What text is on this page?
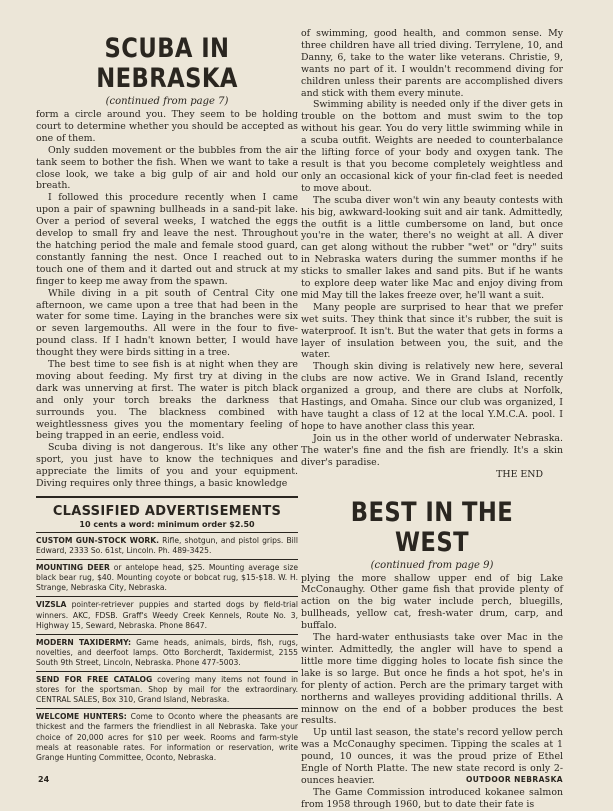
SCUBA IN NEBRASKA
(continued from page 7)

form a circle around you. They seem to be holding court to determine whether you should be accepted as one of them.

Only sudden movement or the bubbles from the air tank seem to bother the fish. When we want to take a close look, we take a big gulp of air and hold our breath.

I followed this procedure recently when I came upon a pair of spawning bullheads in a sand-pit lake. Over a period of several weeks, I watched the eggs develop to small fry and leave the nest. Throughout the hatching period the male and female stood guard, constantly fanning the nest. Once I reached out to touch one of them and it darted out and struck at my finger to keep me away from the spawn.

While diving in a pit south of Central City one afternoon, we came upon a tree that had been in the water for some time. Laying in the branches were six or seven largemouths. All were in the four to five-pound class. If I hadn't known better, I would have thought they were birds sitting in a tree.

The best time to see fish is at night when they are moving about feeding. My first try at diving in the dark was unnerving at first. The water is pitch black and only your torch breaks the darkness that surrounds you. The blackness combined with weightlessness gives you the momentary feeling of being trapped in an eerie, endless void.

Scuba diving is not dangerous. It's like any other sport, you just have to know the techniques and appreciate the limits of you and your equipment. Diving requires only three things, a basic knowledge

CLASSIFIED ADVERTISEMENTS
10 cents a word: minimum order $2.50

CUSTOM GUN-STOCK WORK. Rifle, shotgun, and pistol grips. Bill Edward, 2333 So. 61st, Lincoln. Ph. 489-3425.

MOUNTING DEER or antelope head, $25. Mounting average size black bear rug, $40. Mounting coyote or bobcat rug, $15-$18. W. H. Strange, Nebraska City, Nebraska.

VIZSLA pointer-retriever puppies and started dogs by field-trial winners. AKC, FDSB. Graff's Weedy Creek Kennels, Route No. 3, Highway 15, Seward, Nebraska. Phone 8647.

MODERN TAXIDERMY: Game heads, animals, birds, fish, rugs, novelties, and deerfoot lamps. Otto Borcherdt, Taxidermist, 2155 South 9th Street, Lincoln, Nebraska. Phone 477-5003.

SEND FOR FREE CATALOG covering many items not found in stores for the sportsman. Shop by mail for the extraordinary. CENTRAL SALES, Box 310, Grand Island, Nebraska.

WELCOME HUNTERS: Come to Oconto where the pheasants are thickest and the farmers the friendliest in all Nebraska. Take your choice of 20,000 acres for $10 per week. Rooms and farm-style meals at reasonable rates. For information or reservation, write Grange Hunting Committee, Oconto, Nebraska.

of swimming, good health, and common sense. My three children have all tried diving. Terrylene, 10, and Danny, 6, take to the water like veterans. Christie, 9, wants no part of it. I wouldn't recommend diving for children unless their parents are accomplished divers and stick with them every minute.

Swimming ability is needed only if the diver gets in trouble on the bottom and must swim to the top without his gear. You do very little swimming while in a scuba outfit. Weights are needed to counterbalance the lifting force of your body and oxygen tank. The result is that you become completely weightless and only an occasional kick of your fin-clad feet is needed to move about.

The scuba diver won't win any beauty contests with his big, awkward-looking suit and air tank. Admittedly, the outfit is a little cumbersome on land, but once you're in the water, there's no weight at all. A diver can get along without the rubber "wet" or "dry" suits in Nebraska waters during the summer months if he sticks to smaller lakes and sand pits. But if he wants to explore deep water like Mac and enjoy diving from mid May till the lakes freeze over, he'll want a suit.

Many people are surprised to hear that we prefer wet suits. They think that since it's rubber, the suit is waterproof. It isn't. But the water that gets in forms a layer of insulation between you, the suit, and the water.

Though skin diving is relatively new here, several clubs are now active. We in Grand Island, recently organized a group, and there are clubs at Norfolk, Hastings, and Omaha. Since our club was organized, I have taught a class of 12 at the local Y.M.C.A. pool. I hope to have another class this year.

Join us in the other world of underwater Nebraska. The water's fine and the fish are friendly. It's a skin diver's paradise.

THE END
BEST IN THE WEST
(continued from page 9)

plying the more shallow upper end of big Lake McConaughy. Other game fish that provide plenty of action on the big water include perch, bluegills, bullheads, yellow cat, fresh-water drum, carp, and buffalo.

The hard-water enthusiasts take over Mac in the winter. Admittedly, the angler will have to spend a little more time digging holes to locate fish since the lake is so large. But once he finds a hot spot, he's in for plenty of action. Perch are the primary target with northerns and walleyes providing additional thrills. A minnow on the end of a bobber produces the best results.

Up until last season, the state's record yellow perch was a McConaughy specimen. Tipping the scales at 1 pound, 10 ounces, it was the proud prize of Ethel Engle of North Platte. The new state record is only 2-ounces heavier.

The Game Commission introduced kokanee salmon from 1958 through 1960, but to date their fate is

24	OUTDOOR NEBRASKA
